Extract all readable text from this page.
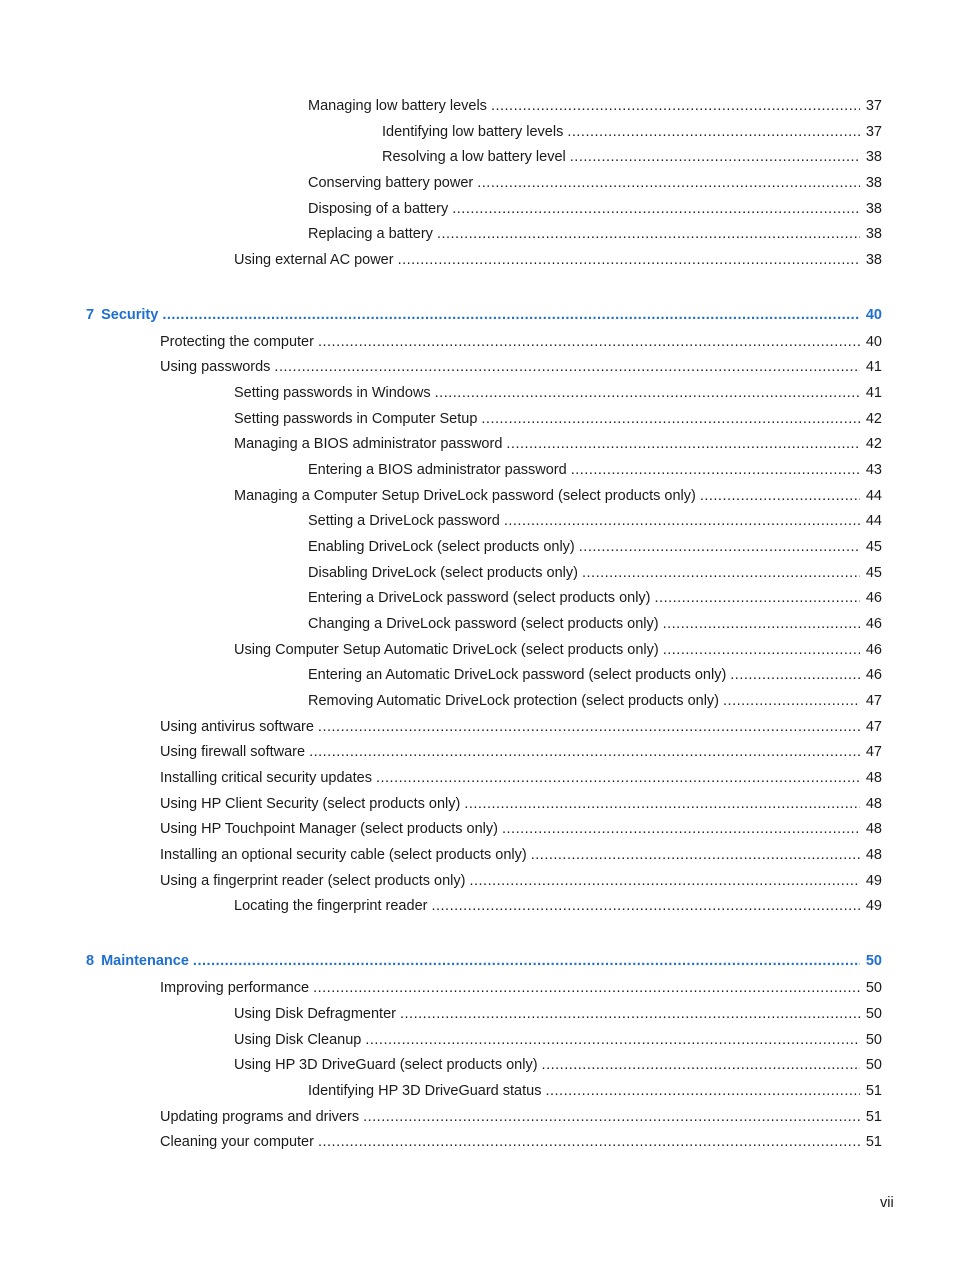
Managing low battery levels .....	37
Identifying low battery levels .....	37
Resolving a low battery level .....	38
Conserving battery power .....	38
Disposing of a battery .....	38
Replacing a battery .....	38
Using external AC power .....	38
7 Security .....	40
Protecting the computer .....	40
Using passwords .....	41
Setting passwords in Windows .....	41
Setting passwords in Computer Setup .....	42
Managing a BIOS administrator password .....	42
Entering a BIOS administrator password .....	43
Managing a Computer Setup DriveLock password (select products only) .....	44
Setting a DriveLock password .....	44
Enabling DriveLock (select products only) .....	45
Disabling DriveLock (select products only) .....	45
Entering a DriveLock password (select products only) .....	46
Changing a DriveLock password (select products only) .....	46
Using Computer Setup Automatic DriveLock (select products only) .....	46
Entering an Automatic DriveLock password (select products only) .....	46
Removing Automatic DriveLock protection (select products only) .....	47
Using antivirus software .....	47
Using firewall software .....	47
Installing critical security updates .....	48
Using HP Client Security (select products only) .....	48
Using HP Touchpoint Manager (select products only) .....	48
Installing an optional security cable (select products only) .....	48
Using a fingerprint reader (select products only) .....	49
Locating the fingerprint reader .....	49
8 Maintenance .....	50
Improving performance .....	50
Using Disk Defragmenter .....	50
Using Disk Cleanup .....	50
Using HP 3D DriveGuard (select products only) .....	50
Identifying HP 3D DriveGuard status .....	51
Updating programs and drivers .....	51
Cleaning your computer .....	51
vii
